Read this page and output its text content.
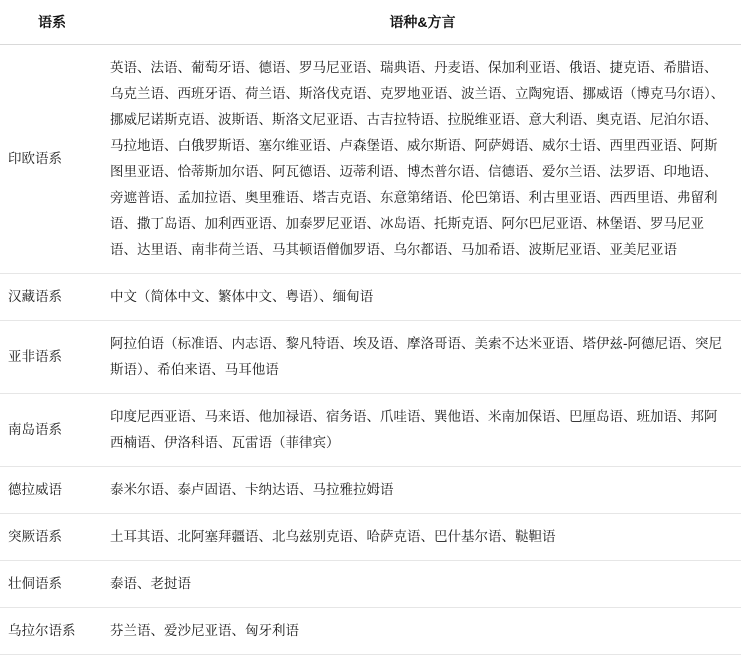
语系	语种&方言
印欧语系	英语、法语、葡萄牙语、德语、罗马尼亚语、瑞典语、丹麦语、保加利亚语、俄语、捷克语、希腊语、乌克兰语、西班牙语、荷兰语、斯洛伐克语、克罗地亚语、波兰语、立陶宛语、挪威语（博克马尔语）、挪威尼诺斯克语、波斯语、斯洛文尼亚语、古吉拉特语、拉脱维亚语、意大利语、奥克语、尼泊尔语、马拉地语、白俄罗斯语、塞尔维亚语、卢森堡语、威尔斯语、阿萨姆语、威尔士语、西里西亚语、阿斯图里亚语、恰蒂斯加尔语、阿瓦德语、迈蒂利语、博杰普尔语、信德语、爱尔兰语、法罗语、印地语、旁遮普语、孟加拉语、奥里雅语、塔吉克语、东意第绪语、伦巴第语、利古里亚语、西西里语、弗留利语、撒丁岛语、加利西亚语、加泰罗尼亚语、冰岛语、托斯克语、阿尔巴尼亚语、林堡语、罗马尼亚语、达里语、南非荷兰语、马其顿语僧伽罗语、乌尔都语、马加希语、波斯尼亚语、亚美尼亚语
汉藏语系	中文（简体中文、繁体中文、粤语）、缅甸语
亚非语系	阿拉伯语（标准语、内志语、黎凡特语、埃及语、摩洛哥语、美索不达米亚语、塔伊兹-阿德尼语、突尼斯语）、希伯来语、马耳他语
南岛语系	印度尼西亚语、马来语、他加禄语、宿务语、爪哇语、巽他语、米南加保语、巴厘岛语、班加语、邦阿西楠语、伊洛科语、瓦雷语（菲律宾）
德拉威语	泰米尔语、泰卢固语、卡纳达语、马拉雅拉姆语
突厥语系	土耳其语、北阿塞拜疆语、北乌兹别克语、哈萨克语、巴什基尔语、鞑靼语
壮侗语系	泰语、老挝语
乌拉尔语系	芬兰语、爱沙尼亚语、匈牙利语
